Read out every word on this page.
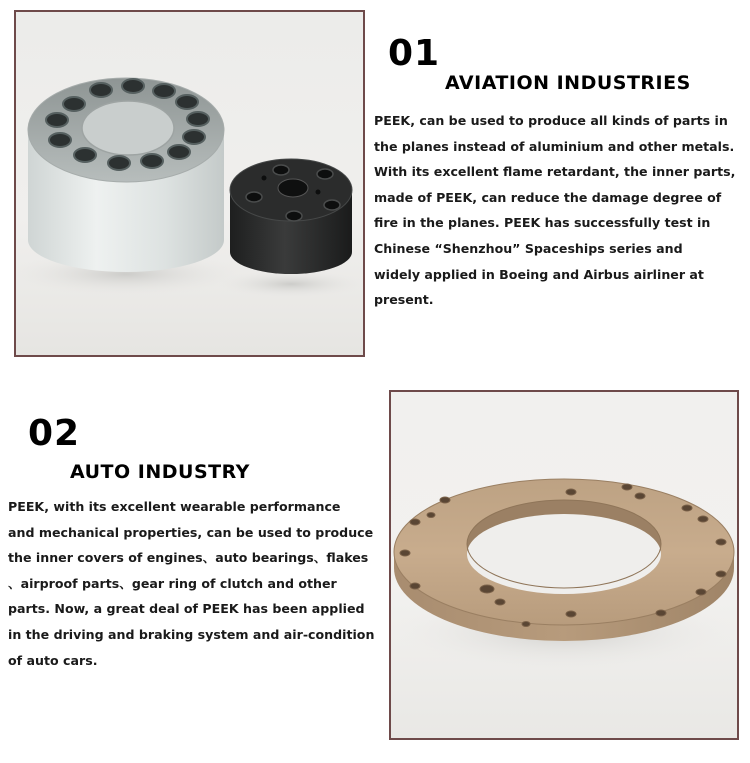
01
AVIATION INDUSTRIES

PEEK, can be used to produce all kinds of parts in
the planes instead of aluminium and other metals.
With its excellent flame retardant, the inner parts,
made of PEEK, can reduce the damage degree of
fire in the planes. PEEK has successfully test in
Chinese “Shenzhou” Spaceships series and
widely applied in Boeing and Airbus airliner at
present.

02
AUTO INDUSTRY

PEEK, with its excellent wearable performance
and mechanical properties, can be used to produce
the inner covers of engines、auto bearings、flakes
、airproof parts、gear ring of clutch and other
parts. Now, a great deal of PEEK has been applied
in the driving and braking system and air-condition
of auto cars.
